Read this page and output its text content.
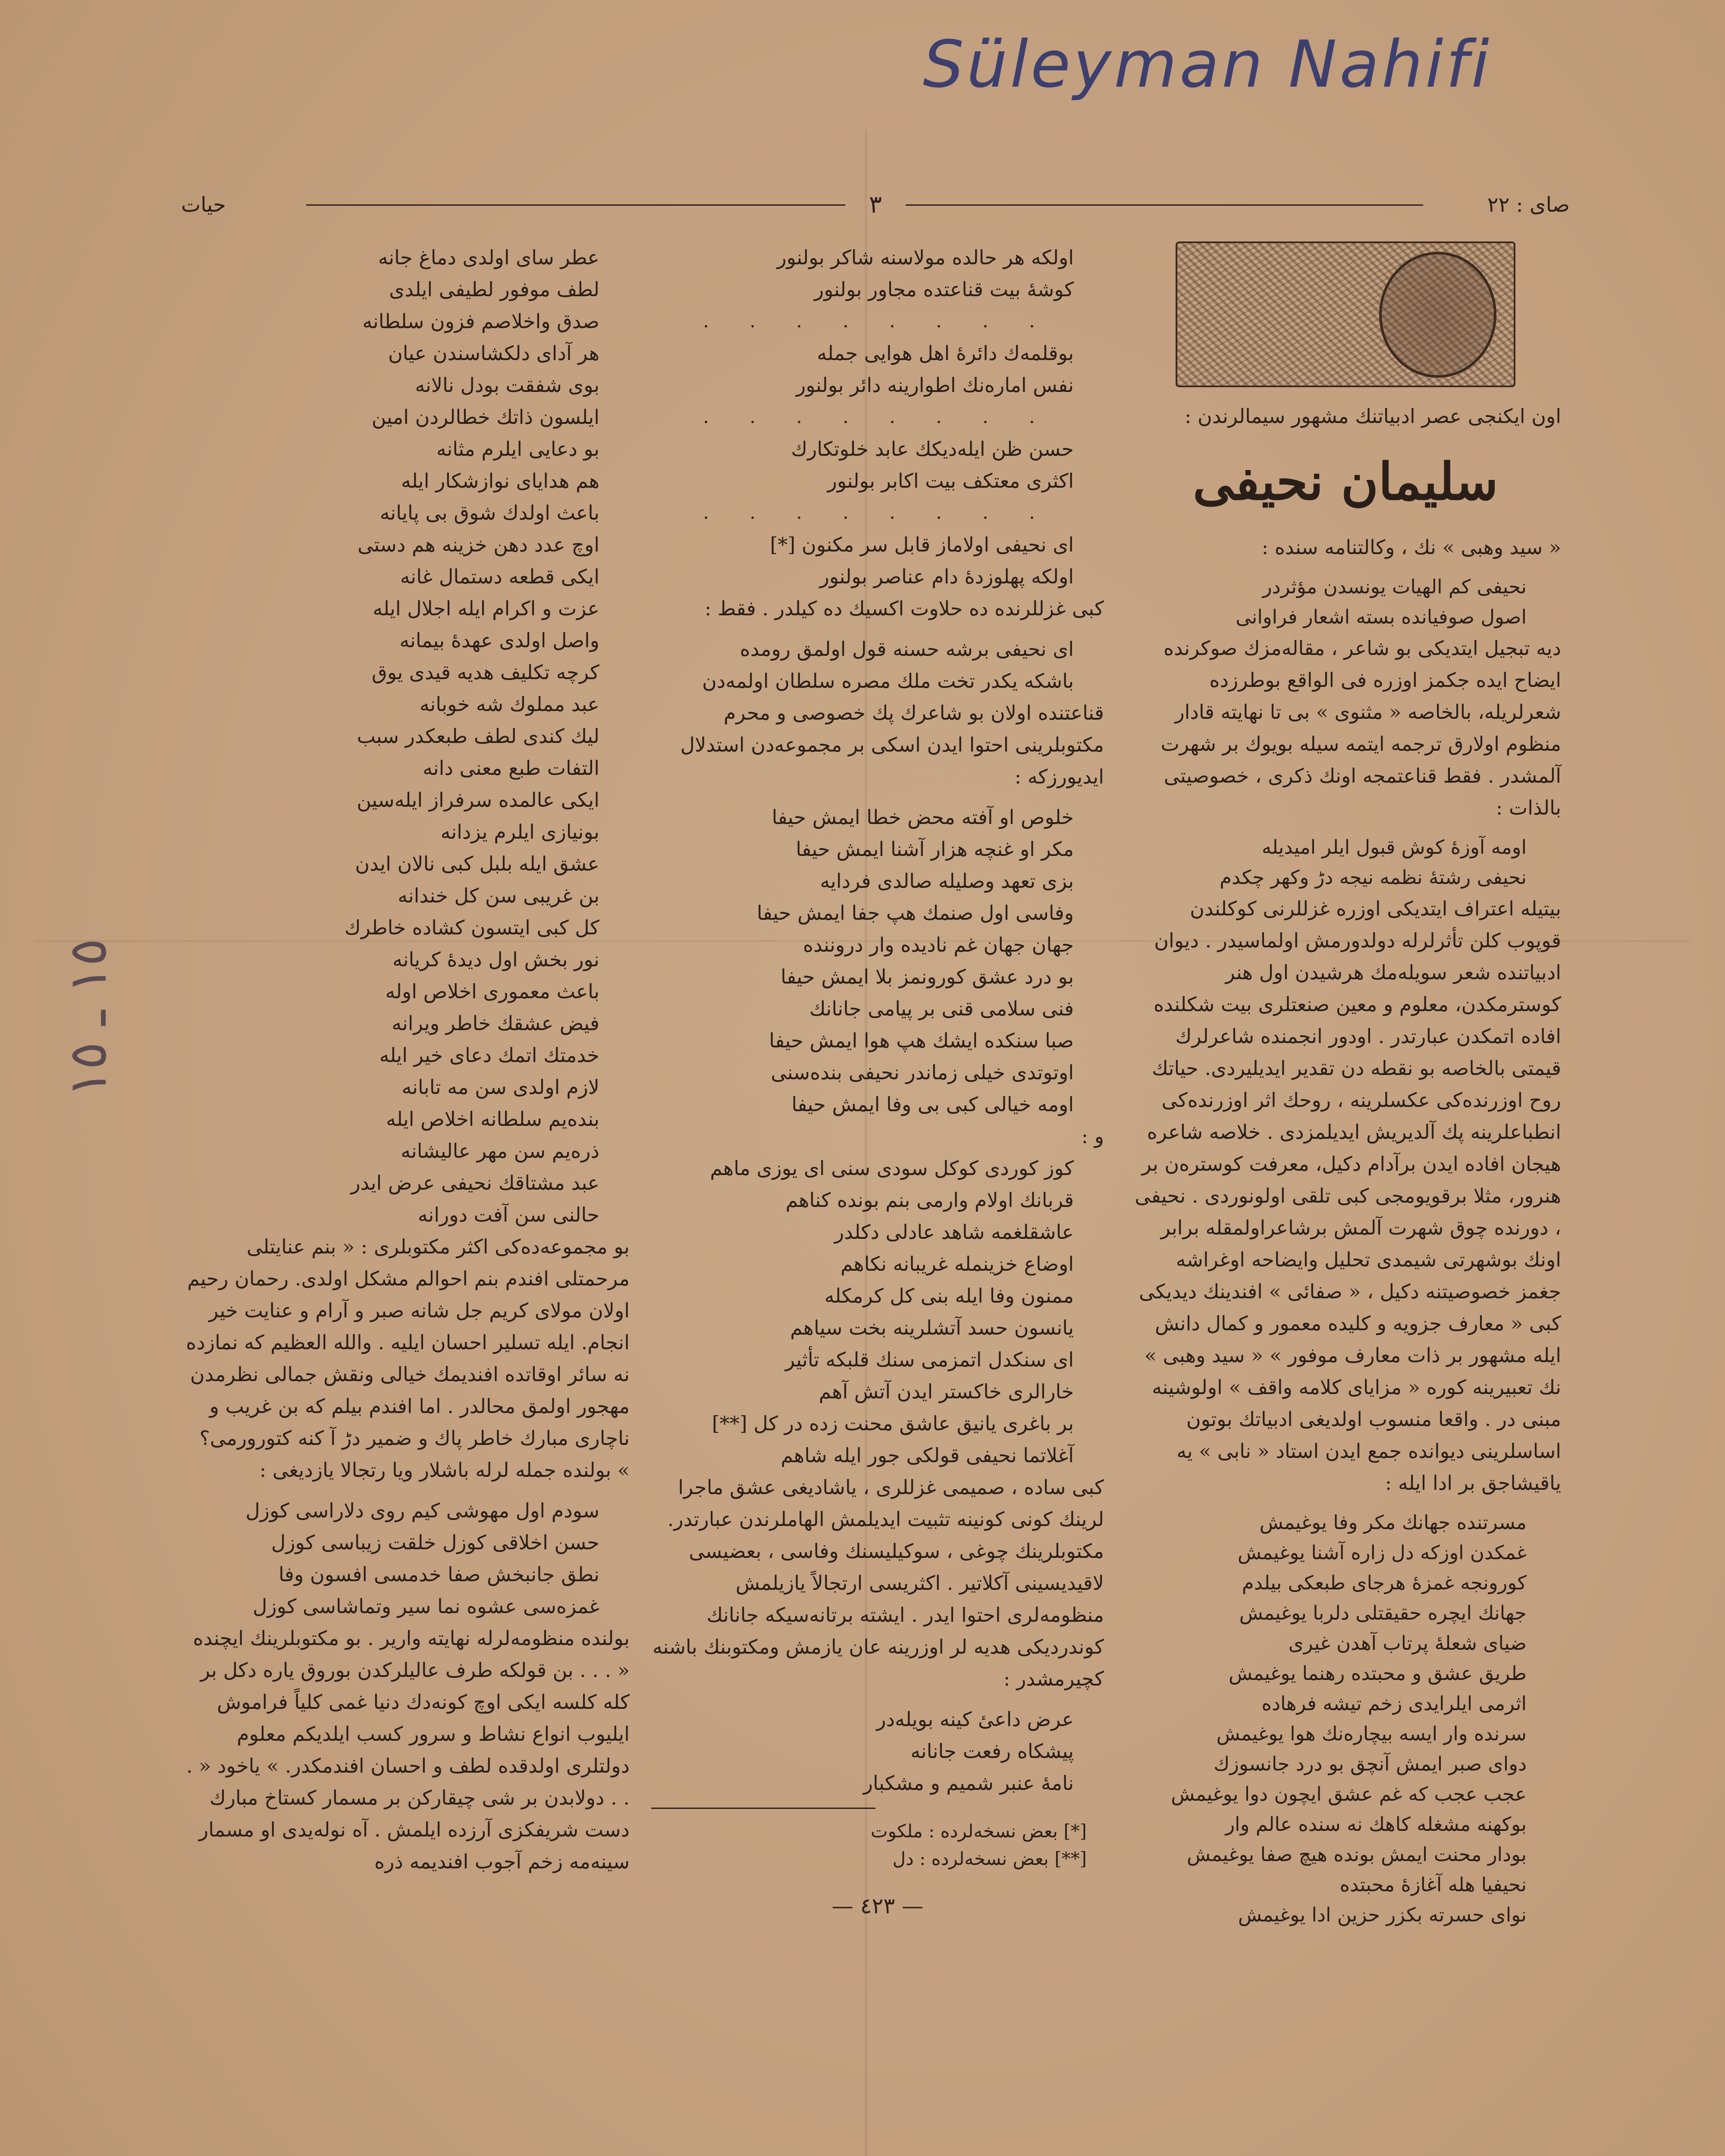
Süleyman Nahifi
١٥ ـ ١٥
حيات	٣	صاى : ٢٢

اون ایکنجی عصر ادبیاتنك مشهور سیمالرندن :

سلیمان نحیفی

« سید وهبی » نك ، وکالتنامه سنده :

نحیفی کم الهیات یونسدن مؤثردر
اصول صوفیانده بسته اشعار فراوانی

دیه تبجیل ایتدیکی بو شاعر ، مقالەمزك صوكرنده ایضاح ایده جکمز اوزره فی الواقع بوطرزده شعرلریله، بالخاصه « مثنوی » بی تا نهایته قادار منظوم اولارق ترجمه ایتمه سیله بویوك بر شهرت آلمشدر . فقط قناعتمجه اونك ذکری ، خصوصیتی بالذات :

اومه آوزهٔ کوش قبول ایلر امیدیله
نحیفی رشتهٔ نظمه نیجه دڑ وکهر چکدم

بیتیله اعتراف ایتدیکی اوزره غزللرنی کوکلندن قوپوب کلن تأثرلرله دولدورمش اولماسیدر . دیوان ادبیاتنده شعر سویلەمك هرشیدن اول هنر کوسترمکدن، معلوم و معین صنعتلری بیت شکلنده افاده اتمکدن عبارتدر . اودور انجمنده شاعرلرك قیمتی بالخاصه بو نقطه دن تقدیر ایدیلیردی. حیاتك روح اوزرندەکی عکسلرینه ، روحك اثر اوزرندەکی انطباعلرینه پك آلدیریش ایدیلمزدی . خلاصه شاعره هیجان افاده ایدن برآدام دکیل، معرفت کوسترەن بر هنرور، مثلا برقویومجی کبی تلقی اولونوردی . نحیفی ، دورنده چوق شهرت آلمش برشاعراولمقله برابر اونك بوشهرتی شیمدی تحلیل وایضاحه اوغراشه جغمز خصوصیتنه دکیل ، « صفائی » افندینك دیدیکی کبی « معارف جزویه و کلیده معمور و کمال دانش ایله مشهور بر ذات معارف موفور » « سید وهبی » نك تعبیرینه کوره « مزایای کلامه واقف » اولوشینه مبنی در . واقعا منسوب اولدیغی ادبیاتك بوتون اساسلرینی دیوانده جمع ایدن استاد « نابی » یه یاقیشاجق بر ادا ایله :

مسرتنده جهانك مکر وفا یوغیمش
غمکدن اوزکه دل زاره آشنا یوغیمش
کورونجه غمزهٔ هرجای طبعکی بیلدم
جهانك ایچره حقیقتلی دلربا یوغیمش
ضیای شعلهٔ پرتاب آهدن غیری
طریق عشق و محبتده رهنما یوغیمش
اثرمی ایلرایدی زخم تیشه فرهاده
سرنده وار ایسه بیچارەنك هوا یوغیمش
دوای صبر ایمش آنچق بو درد جانسوزك
عجب عجب که غم عشق ایچون دوا یوغیمش
بوکهنه مشغله کاهك نه سنده عالم وار
بودار محنت ایمش بونده هیچ صفا یوغیمش
نحیفیا هله آغازهٔ محبتده
نوای حسرته بکزر حزین ادا یوغیمش
اولکه هر حالده مولاسنه شاکر بولنور
کوشهٔ بیت قناعتده مجاور بولنور
. . . . . . . .
بوقلمەك دائرهٔ اهل هوایی جمله
نفس امارەنك اطوارینه دائر بولنور
. . . . . . . .
حسن ظن ایلەدیکك عابد خلوتکارك
اکثری معتکف بیت اکابر بولنور
. . . . . . . .
ای نحیفی اولاماز قابل سر مکنون [*]
اولکه پهلوزدهٔ دام عناصر بولنور

کبی غزللرنده ده حلاوت اکسیك ده کیلدر . فقط :

ای نحیفی برشه حسنه قول اولمق رومده
باشکه یکدر تخت ملك مصره سلطان اولمەدن

قناعتنده اولان بو شاعرك پك خصوصی و محرم مکتوبلرینی احتوا ایدن اسکی بر مجموعەدن استدلال ایدیورزکه :

خلوص او آفته محض خطا ایمش حیفا
مکر او غنچه هزار آشنا ایمش حیفا
بزی تعهد وصلیله صالدی فردایه
وفاسی اول صنمك هپ جفا ایمش حیفا
جهان جهان غم نادیده وار دروننده
بو درد عشق کورونمز بلا ایمش حیفا
فنی سلامی قنی بر پیامی جانانك
صبا سنکده ایشك هپ هوا ایمش حیفا
اوتوتدی خیلی زماندر نحیفی بندەسنی
اومه خیالی کبی بی وفا ایمش حیفا
و :
کوز کوردی کوکل سودی سنی ای یوزی ماهم
قربانك اولام وارمی بنم بونده کناهم
عاشقلغمه شاهد عادلی دکلدر
اوضاع خزینمله غریبانه نکاهم
ممنون وفا ایله بنی کل کرمکله
یانسون حسد آتشلرینه بخت سیاهم
ای سنکدل اتمزمی سنك قلبکه تأثیر
خارالری خاکستر ایدن آتش آهم
بر باغری یانیق عاشق محنت زده در کل [**]
آغلاتما نحیفی قولکی جور ایله شاهم

کبی ساده ، صمیمی غزللری ، یاشادیغی عشق ماجرا لرینك کونی کونینه تثبیت ایدیلمش الهاملرندن عبارتدر. مکتوبلرینك چوغی ، سوکیلیسنك وفاسی ، بعضیسی لاقیدیسینی آکلاتیر . اکثریسی ارتجالاً یازیلمش منظومەلری احتوا ایدر . ایشته برتانەسیکه جانانك کوندردیکی هدیه لر اوزرینه عان یازمش ومکتوبنك باشنه کچیرمشدر :

عرض داعیٔ کینه بویلەدر
پیشکاه رفعت جانانه
نامهٔ عنبر شمیم و مشکبار
[*] بعض نسخەلرده : ملکوت
[**] بعض نسخەلرده : دل
— ٤٢٣ —
عطر سای اولدی دماغ جانه
لطف موفور لطیفی ایلدی
صدق واخلاصم فزون سلطانه
هر آدای دلکشاسندن عیان
بوی شفقت بودل نالانه
ایلسون ذاتك خطالردن امین
بو دعایی ایلرم مثانه
هم هدایای نوازشکار ایله
باعث اولدك شوق بی پایانه
اوچ عدد دهن خزینه هم دستی
ایکی قطعه دستمال غانه
عزت و اکرام ایله اجلال ایله
واصل اولدی عهدهٔ بیمانه
کرچه تکلیف هدیه قیدی یوق
عبد مملوك شه خوبانه
لیك کندی لطف طبعکدر سبب
التفات طبع معنی دانه
ایکی عالمده سرفراز ایلەسین
بونیازی ایلرم یزدانه
عشق ایله بلبل کبی نالان ایدن
بن غریبی سن کل خندانه
کل کبی ایتسون کشاده خاطرك
نور بخش اول دیدهٔ کریانه
باعث معموری اخلاص اوله
فیض عشقك خاطر ویرانه
خدمتك اتمك دعای خیر ایله
لازم اولدی سن مه تابانه
بندەیم سلطانه اخلاص ایله
ذرەیم سن مهر عالیشانه
عبد مشتاقك نحیفی عرض ایدر
حالنی سن آفت دورانه

بو مجموعەدەکی اکثر مکتوبلری : « بنم عنایتلی مرحمتلی افندم بنم احوالم مشکل اولدی. رحمان رحیم اولان مولای کریم جل شانه صبر و آرام و عنایت خیر انجام. ایله تسلیر احسان ایلیه . والله العظیم که نمازده نه سائر اوقاتده افندیمك خیالی ونقش جمالی نظرمدن مهجور اولمق محالدر . اما افندم بیلم که بن غریب و ناچاری مبارك خاطر پاك و ضمیر دڑ آ کنه کتورورمی؟ » بولنده جمله لرله باشلار ویا رتجالا یازدیغی :

سودم اول مهوشی کیم روی دلاراسی کوزل
حسن اخلاقی کوزل خلقت زیباسی کوزل
نطق جانبخش صفا خدمسی افسون وفا
غمزەسی عشوه نما سیر وتماشاسی کوزل

بولنده منظومەلرله نهایته واریر . بو مکتوبلرینك ایچنده « . . . بن قولکه طرف عالیلرکدن بوروق یاره دکل بر کله کلسه ایکی اوچ کونەدك دنیا غمی کلیاً فراموش ایلیوب انواع نشاط و سرور کسب ایلدیکم معلوم دولتلری اولدقده لطف و احسان افندمکدر. » یاخود « . . . دولابدن بر شی چیقارکن بر مسمار کستاخ مبارك دست شریفکزی آرزده ایلمش . آه نولەیدی او مسمار سینەمه زخم آجوب افندیمه ذره
